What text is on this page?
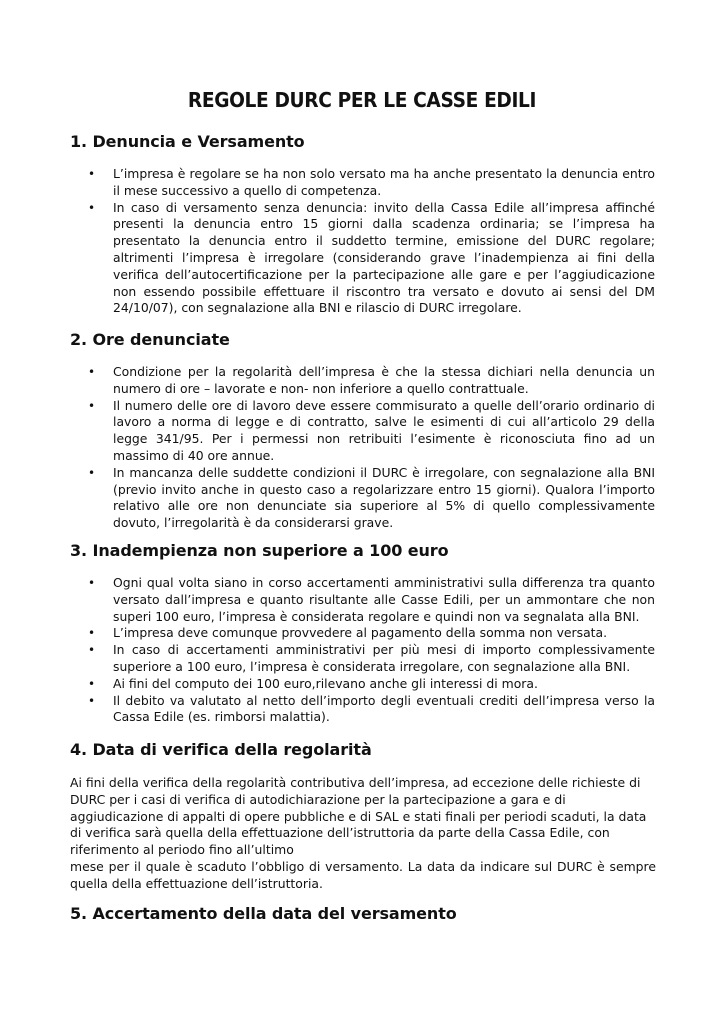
REGOLE DURC PER LE CASSE EDILI
1. Denuncia e Versamento
• L’impresa è regolare se ha non solo versato ma ha anche presentato la denuncia entro il mese successivo a quello di competenza.
• In caso di versamento senza denuncia: invito della Cassa Edile all’impresa affinché presenti la denuncia entro 15 giorni dalla scadenza ordinaria; se l’impresa ha presentato la denuncia entro il suddetto termine, emissione del DURC regolare; altrimenti l’impresa è irregolare (considerando grave l’inadempienza ai fini della verifica dell’autocertificazione per la partecipazione alle gare e per l’aggiudicazione non essendo possibile effettuare il riscontro tra versato e dovuto ai sensi del DM 24/10/07), con segnalazione alla BNI e rilascio di DURC irregolare.
2. Ore denunciate
• Condizione per la regolarità dell’impresa è che la stessa dichiari nella denuncia un numero di ore – lavorate e non- non inferiore a quello contrattuale.
• Il numero delle ore di lavoro deve essere commisurato a quelle dell’orario ordinario di lavoro a norma di legge e di contratto, salve le esimenti di cui all’articolo 29 della legge 341/95. Per i permessi non retribuiti l’esimente è riconosciuta fino ad un massimo di 40 ore annue.
• In mancanza delle suddette condizioni il DURC è irregolare, con segnalazione alla BNI (previo invito anche in questo caso a regolarizzare entro 15 giorni). Qualora l’importo relativo alle ore non denunciate sia superiore al 5% di quello complessivamente dovuto, l’irregolarità è da considerarsi grave.
3. Inadempienza non superiore a 100 euro
• Ogni qual volta siano in corso accertamenti amministrativi sulla differenza tra quanto versato dall’impresa e quanto risultante alle Casse Edili, per un ammontare che non superi 100 euro, l’impresa è considerata regolare e quindi non va segnalata alla BNI.
• L’impresa deve comunque provvedere al pagamento della somma non versata.
• In caso di accertamenti amministrativi per più mesi di importo complessivamente superiore a 100 euro, l’impresa è considerata irregolare, con segnalazione alla BNI.
• Ai fini del computo dei 100 euro,rilevano anche gli interessi di mora.
• Il debito va valutato al netto dell’importo degli eventuali crediti dell’impresa verso la Cassa Edile (es. rimborsi malattia).
4. Data di verifica della regolarità
Ai fini della verifica della regolarità contributiva dell’impresa, ad eccezione delle richieste di DURC per i casi di verifica di autodichiarazione per la partecipazione a gara e di aggiudicazione di appalti di opere pubbliche e di SAL e stati finali per periodi scaduti, la data di verifica sarà quella della effettuazione dell’istruttoria da parte della Cassa Edile, con riferimento al periodo fino all’ultimo
mese per il quale è scaduto l’obbligo di versamento. La data da indicare sul DURC è sempre quella della effettuazione dell’istruttoria.
5. Accertamento della data del versamento
